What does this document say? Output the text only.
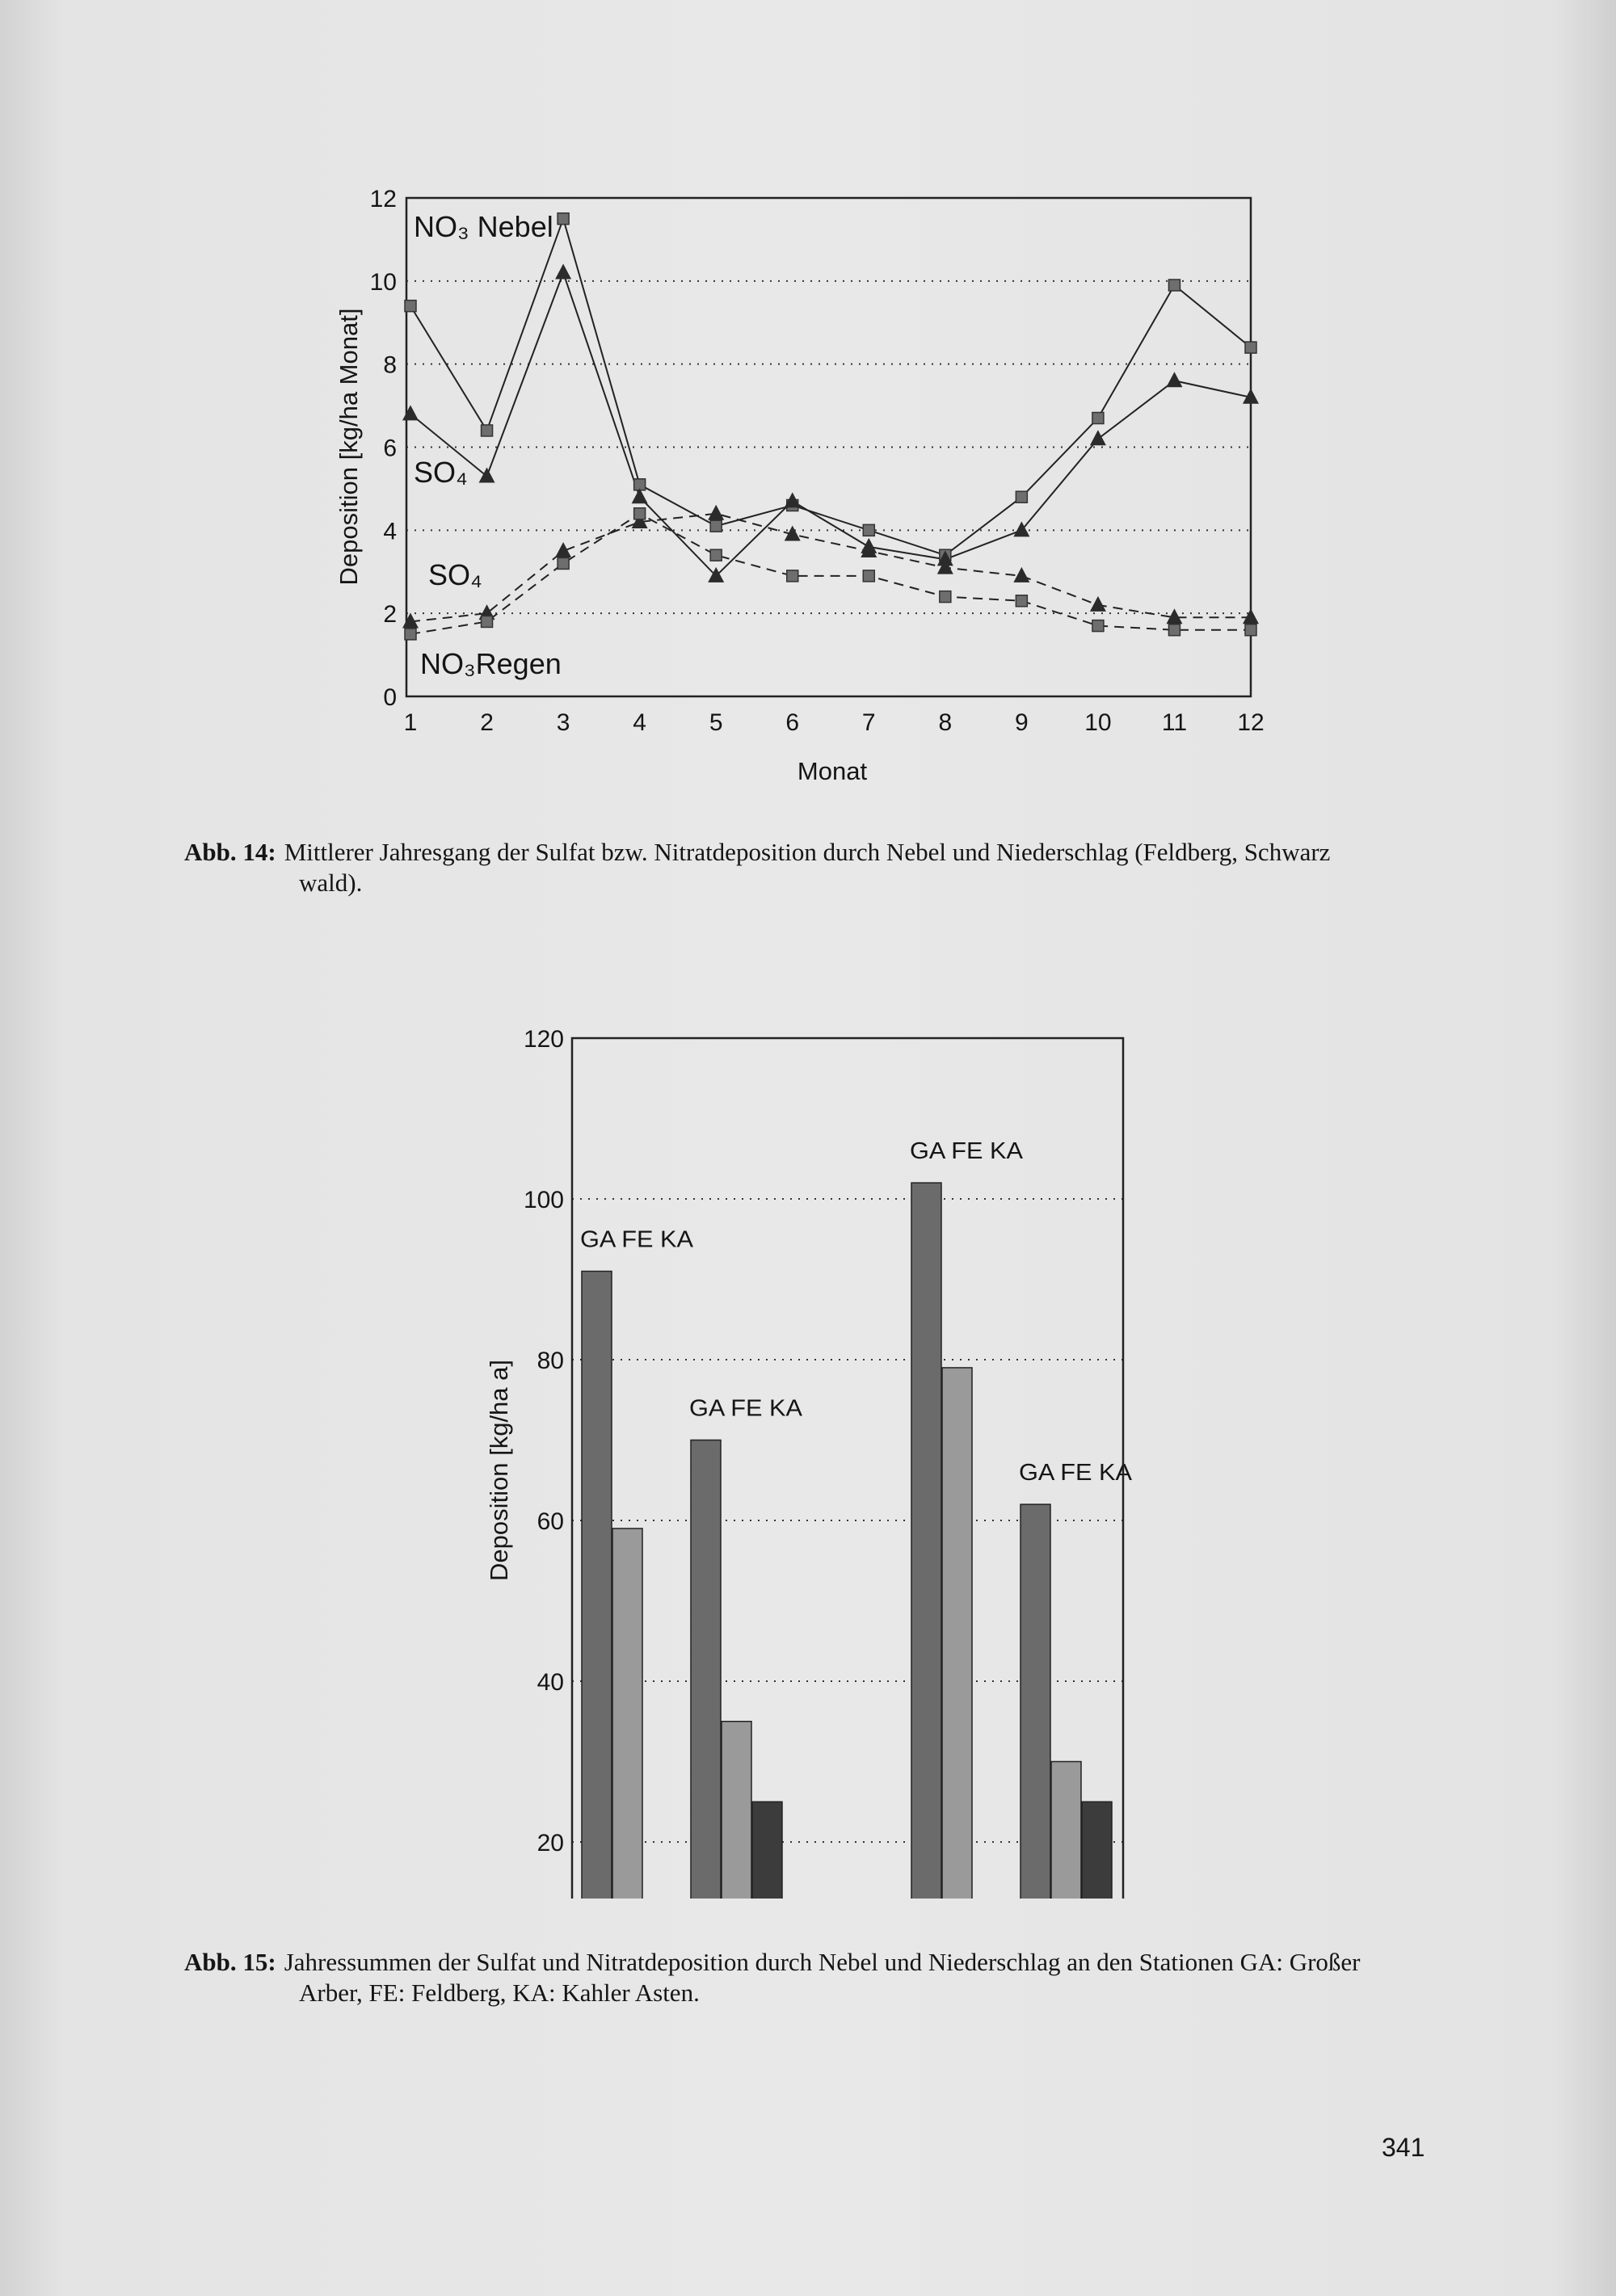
0
2
4
6
8
10
12
1	2	3	4	5	6	7	8	9 10 11 12
NO₃ Nebel
SO₄
SO₄
NO₃Regen
Deposition [kg/ha Monat]
Monat
Abb. 14: Mittlerer Jahresgang der Sulfat bzw. Nitratdeposition durch Nebel und Niederschlag (Feldberg, Schwarz
wald).
20
40
60
80
100
120
GA FE KA
GA FE KA
GA FE KA
GA FE KA
Deposition [kg/ha a]
Abb. 15: Jahressummen der Sulfat und Nitratdeposition durch Nebel und Niederschlag an den Stationen GA: Großer
Arber, FE: Feldberg, KA: Kahler Asten.
341
